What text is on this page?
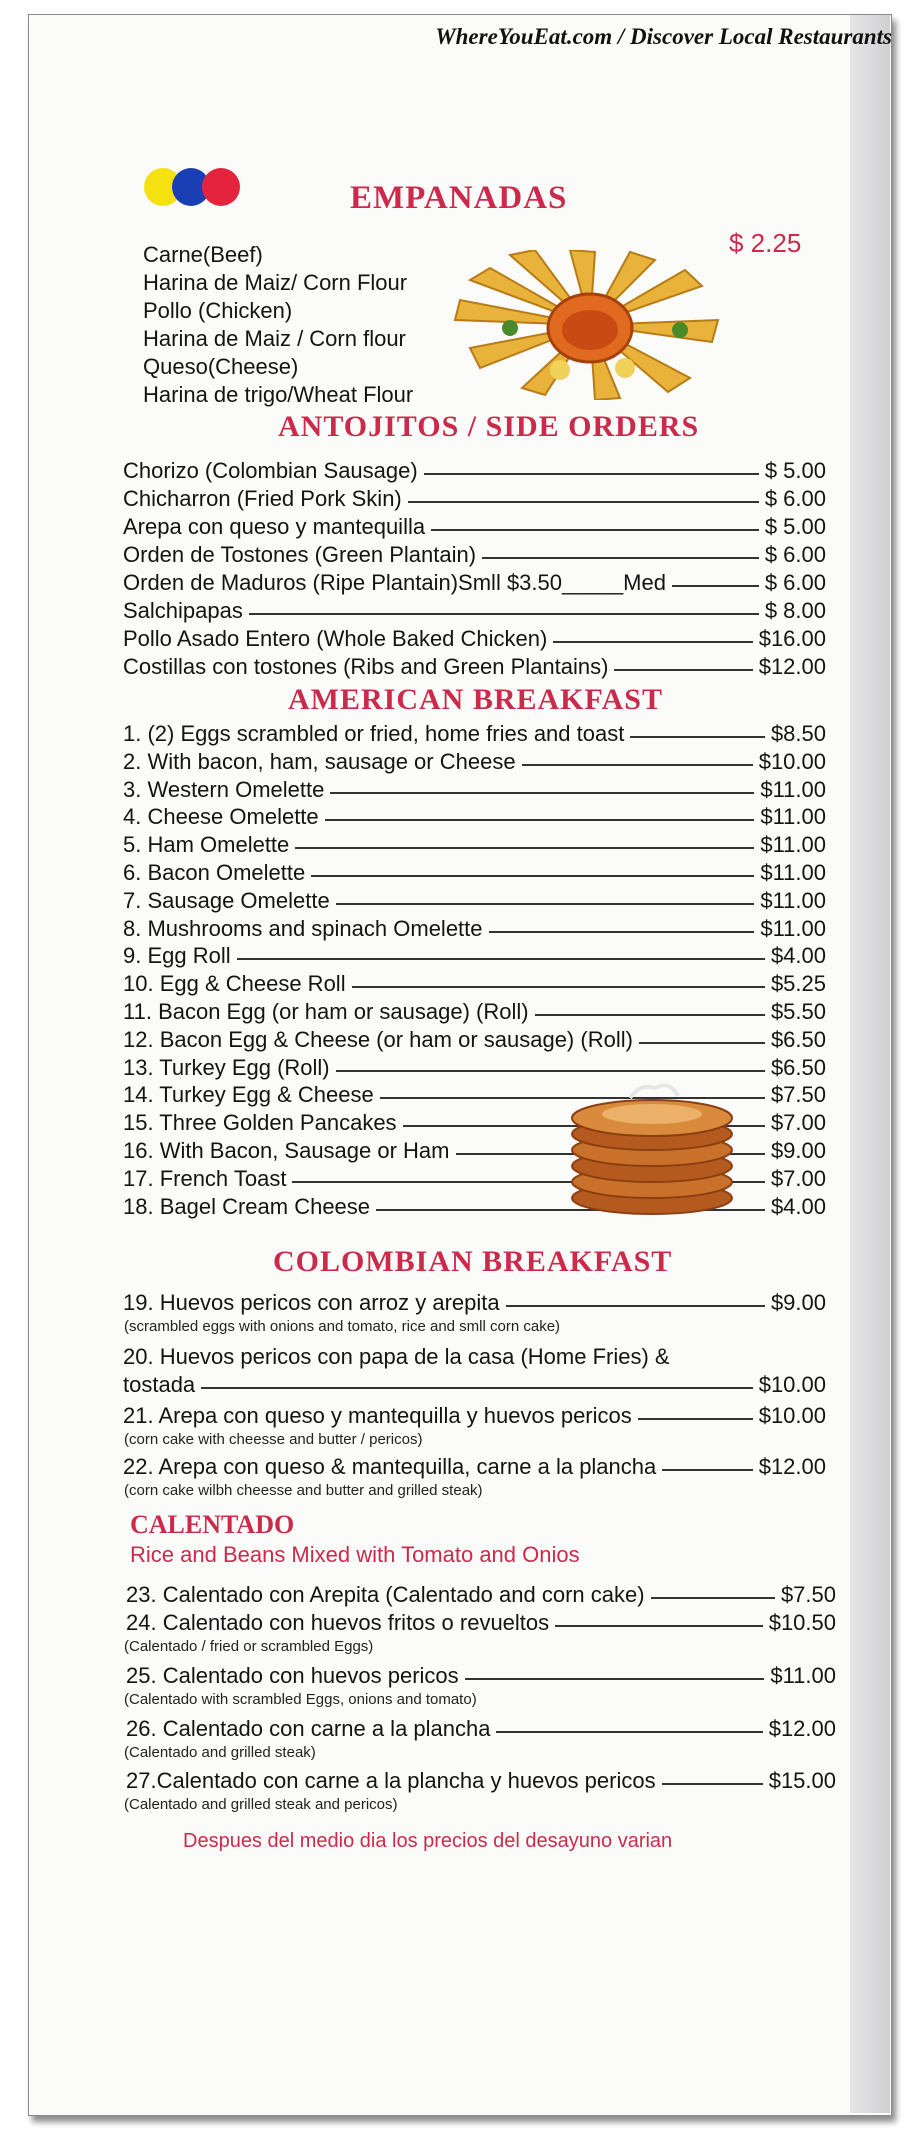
WhereYouEat.com / Discover Local Restaurants
EMPANADAS
$ 2.25
Carne(Beef)
Harina de Maiz/ Corn Flour
Pollo (Chicken)
Harina de Maiz / Corn flour
Queso(Cheese)
Harina de trigo/Wheat Flour
ANTOJITOS / SIDE ORDERS
Chorizo (Colombian Sausage)	$ 5.00
Chicharron (Fried Pork Skin)	$ 6.00
Arepa con queso y mantequilla	$ 5.00
Orden de Tostones (Green Plantain)	$ 6.00
Orden de Maduros (Ripe Plantain)Smll $3.50_____Med	$ 6.00
Salchipapas	$ 8.00
Pollo Asado Entero (Whole Baked Chicken)	$16.00
Costillas con tostones (Ribs and Green Plantains)	$12.00
AMERICAN BREAKFAST
1. (2) Eggs scrambled or fried, home fries and toast	$8.50
2. With bacon, ham, sausage or Cheese	$10.00
3. Western Omelette	$11.00
4. Cheese Omelette	$11.00
5. Ham Omelette	$11.00
6. Bacon Omelette	$11.00
7. Sausage Omelette	$11.00
8. Mushrooms and spinach Omelette	$11.00
9. Egg Roll	$4.00
10. Egg & Cheese Roll	$5.25
11. Bacon Egg (or ham or sausage) (Roll)	$5.50
12. Bacon Egg & Cheese (or ham or sausage) (Roll)	$6.50
13. Turkey Egg (Roll)	$6.50
14. Turkey Egg & Cheese	$7.50
15. Three Golden Pancakes	$7.00
16. With Bacon, Sausage or Ham	$9.00
17. French Toast	$7.00
18. Bagel Cream Cheese	$4.00
COLOMBIAN BREAKFAST
19. Huevos pericos con arroz y arepita	$9.00
(scrambled eggs with onions and tomato, rice and smll corn cake)
20. Huevos pericos con papa de la casa (Home Fries) &
tostada	$10.00
21. Arepa con queso y mantequilla y huevos pericos	$10.00
(corn cake with cheesse and butter / pericos)
22. Arepa con queso & mantequilla, carne a la plancha	$12.00
(corn cake wilbh cheesse and butter and grilled steak)
CALENTADO
Rice and Beans Mixed with Tomato and Onios
23. Calentado con Arepita (Calentado and corn cake)	$7.50
24. Calentado con huevos fritos o revueltos	$10.50
(Calentado / fried or scrambled Eggs)
25. Calentado con huevos pericos	$11.00
(Calentado with scrambled Eggs, onions and tomato)
26. Calentado con carne a la plancha	$12.00
(Calentado and grilled steak)
27.Calentado con carne a la plancha y huevos pericos	$15.00
(Calentado and grilled steak and pericos)
Despues del medio dia los precios del desayuno varian
